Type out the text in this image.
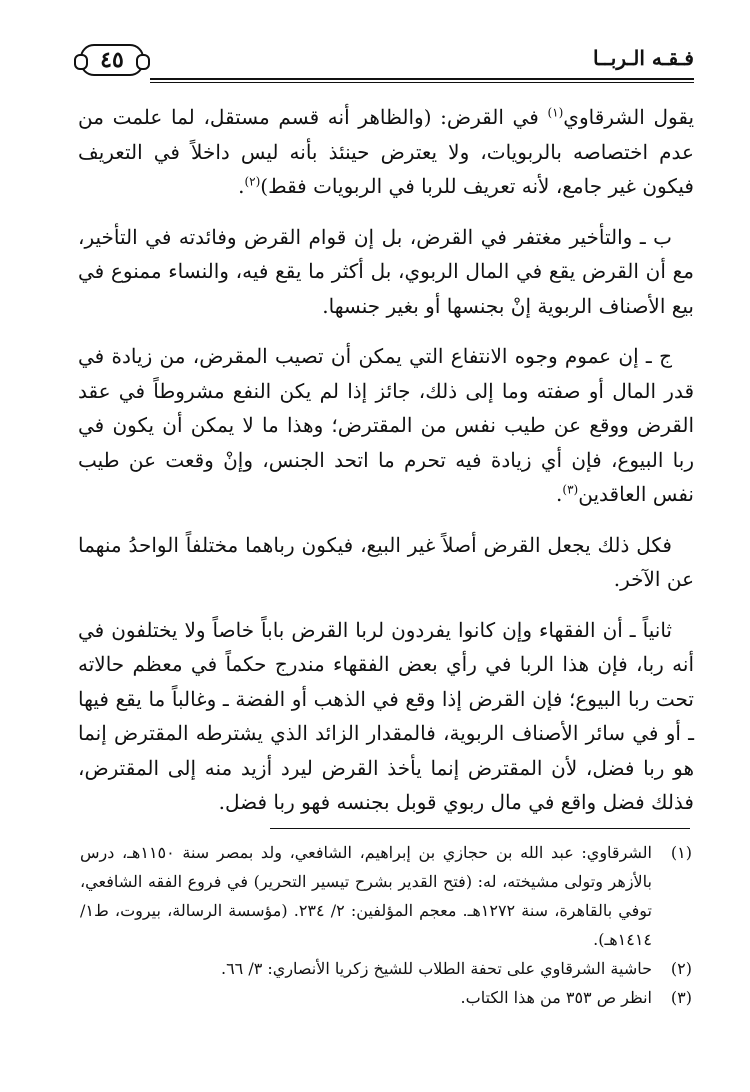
٤٥	فـقـه الـربــا

يقول الشرقاوي$^{(١)}$ في القرض: (والظاهر أنه قسم مستقل، لما علمت من عدم اختصاصه بالربويات، ولا يعترض حينئذ بأنه ليس داخلاً في التعريف فيكون غير جامع، لأنه تعريف للربا في الربويات فقط)$^{(٢)}$.

ب ـ والتأخير مغتفر في القرض، بل إن قوام القرض وفائدته في التأخير، مع أن القرض يقع في المال الربوي، بل أكثر ما يقع فيه، والنساء ممنوع في بيع الأصناف الربوية إنْ بجنسها أو بغير جنسها.

ج ـ إن عموم وجوه الانتفاع التي يمكن أن تصيب المقرض، من زيادة في قدر المال أو صفته وما إلى ذلك، جائز إذا لم يكن النفع مشروطاً في عقد القرض ووقع عن طيب نفس من المقترض؛ وهذا ما لا يمكن أن يكون في ربا البيوع، فإن أي زيادة فيه تحرم ما اتحد الجنس، وإنْ وقعت عن طيب نفس العاقدين$^{(٣)}$.

فكل ذلك يجعل القرض أصلاً غير البيع، فيكون رباهما مختلفاً الواحدُ منهما عن الآخر.

ثانياً ـ أن الفقهاء وإن كانوا يفردون لربا القرض باباً خاصاً ولا يختلفون في أنه ربا، فإن هذا الربا في رأي بعض الفقهاء مندرج حكماً في معظم حالاته تحت ربا البيوع؛ فإن القرض إذا وقع في الذهب أو الفضة ـ وغالباً ما يقع فيها ـ أو في سائر الأصناف الربوية، فالمقدار الزائد الذي يشترطه المقترض إنما هو ربا فضل، لأن المقترض إنما يأخذ القرض ليرد أزيد منه إلى المقترض، فذلك فضل واقع في مال ربوي قوبل بجنسه فهو ربا فضل.

(١)
الشرقاوي: عبد الله بن حجازي بن إبراهيم، الشافعي، ولد بمصر سنة ١١٥٠هـ، درس بالأزهر وتولى مشيخته، له: (فتح القدير بشرح تيسير التحرير) في فروع الفقه الشافعي، توفي بالقاهرة، سنة ١٢٧٢هـ. معجم المؤلفين: ٢/ ٢٣٤. (مؤسسة الرسالة، بيروت، ط١/ ١٤١٤هـ).
(٢)
حاشية الشرقاوي على تحفة الطلاب للشيخ زكريا الأنصاري: ٣/ ٦٦.
(٣)
انظر ص ٣٥٣ من هذا الكتاب.
